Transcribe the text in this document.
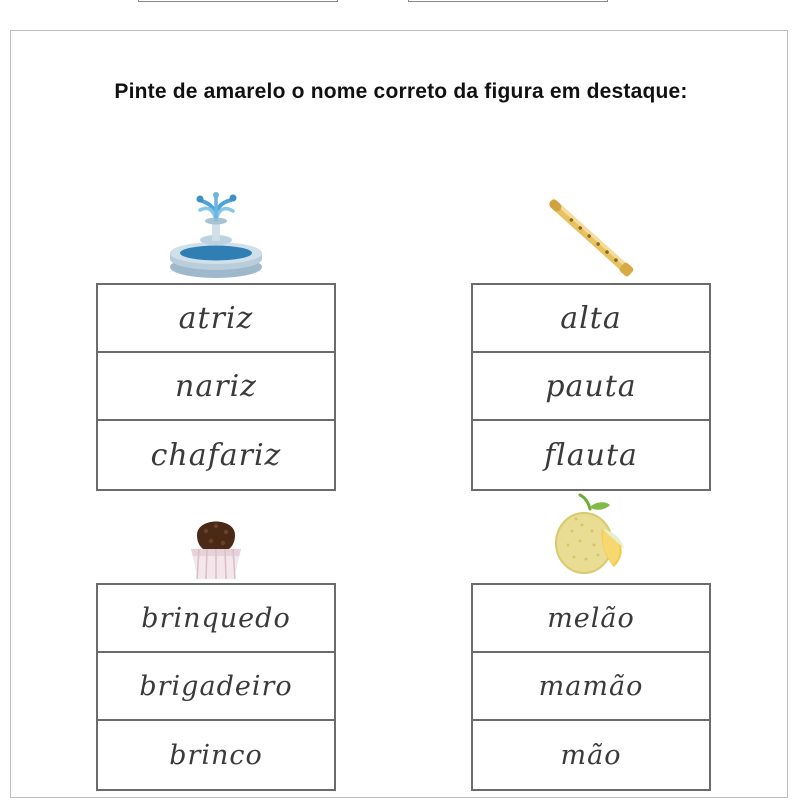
Pinte de amarelo o nome correto da figura em destaque:
atriz
nariz
chafariz
brinquedo
brigadeiro
brinco
alta
pauta
flauta
melão
mamão
mão
